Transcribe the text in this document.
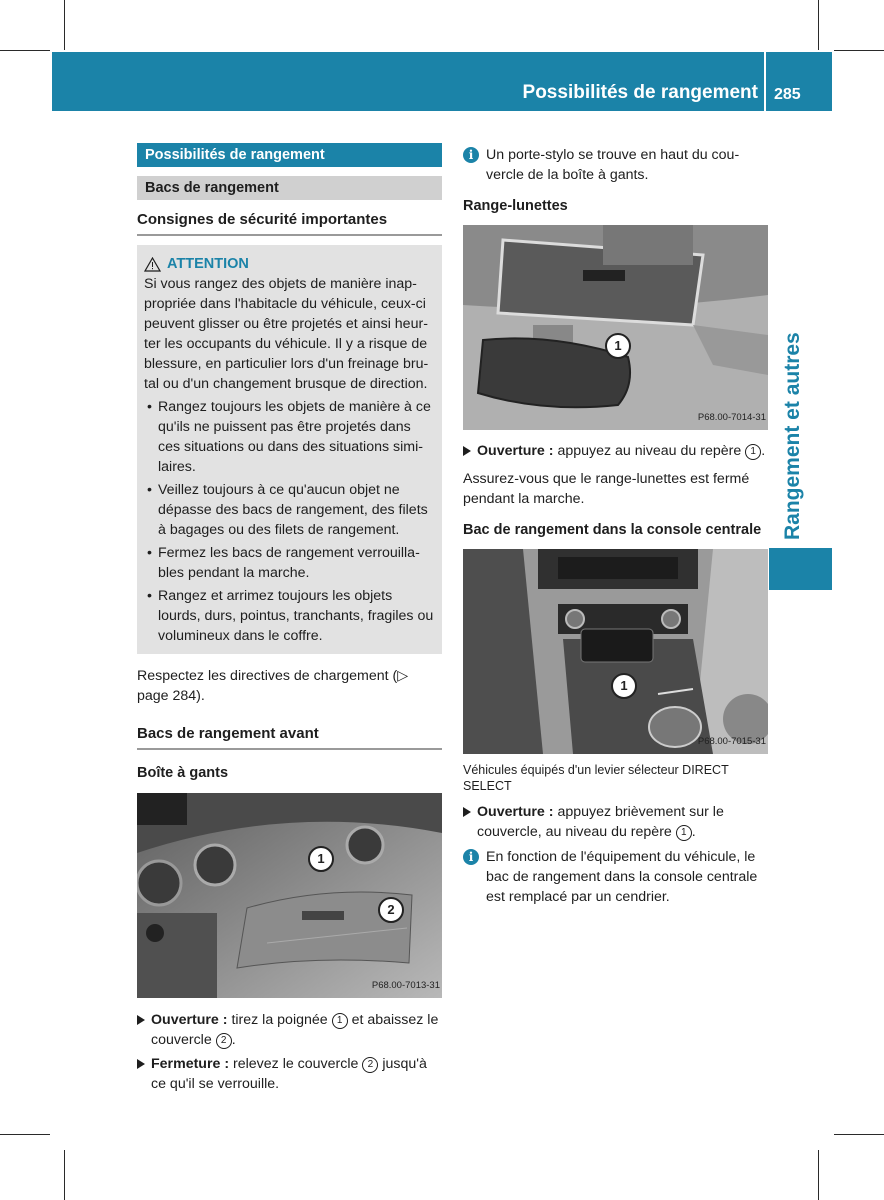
Possibilités de rangement 285
Rangement et autres
Possibilités de rangement
Bacs de rangement
Consignes de sécurité importantes
ATTENTION

Si vous rangez des objets de manière inappropriée dans l'habitacle du véhicule, ceux-ci peuvent glisser ou être projetés et ainsi heurter les occupants du véhicule. Il y a risque de blessure, en particulier lors d'un freinage brutal ou d'un changement brusque de direction.

• Rangez toujours les objets de manière à ce qu'ils ne puissent pas être projetés dans ces situations ou dans des situations similaires.
• Veillez toujours à ce qu'aucun objet ne dépasse des bacs de rangement, des filets à bagages ou des filets de rangement.
• Fermez les bacs de rangement verrouillables pendant la marche.
• Rangez et arrimez toujours les objets lourds, durs, pointus, tranchants, fragiles ou volumineux dans le coffre.

Respectez les directives de chargement (▷ page 284).

Bacs de rangement avant
Boîte à gants
1
2
P68.00-7013-31
Ouverture : tirez la poignée 1 et abaissez le couvercle 2 .
Fermeture : relevez le couvercle 2 jusqu'à ce qu'il se verrouille.
i Un porte-stylo se trouve en haut du couvercle de la boîte à gants.

Range-lunettes
1
P68.00-7014-31
Ouverture : appuyez au niveau du repère 1 .

Assurez-vous que le range-lunettes est fermé pendant la marche.

Bac de rangement dans la console centrale
1
P68.00-7015-31

Véhicules équipés d'un levier sélecteur DIRECT SELECT

Ouverture : appuyez brièvement sur le couvercle, au niveau du repère 1 .
i En fonction de l'équipement du véhicule, le bac de rangement dans la console centrale est remplacé par un cendrier.
